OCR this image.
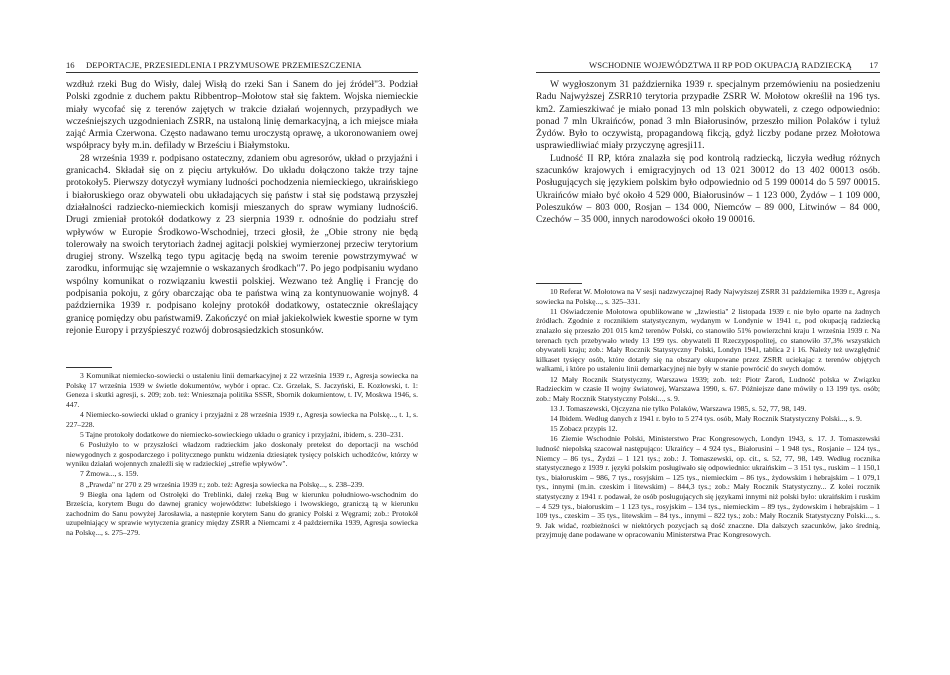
16 DEPORTACJE, PRZESIEDLENIA I PRZYMUSOWE PRZEMIESZCZENIA

wzdłuż rzeki Bug do Wisły, dalej Wisłą do rzeki San i Sanem do jej źródeł"3. Podział Polski zgodnie z duchem paktu Ribbentrop–Mołotow stał się faktem. Wojska niemieckie miały wycofać się z terenów zajętych w trakcie działań wojennych, przypadłych we wcześniejszych uzgodnieniach ZSRR, na ustaloną linię demarkacyjną, a ich miejsce miała zająć Armia Czerwona. Często nadawano temu uroczystą oprawę, a ukoronowaniem owej współpracy były m.in. defilady w Brześciu i Białymstoku.

28 września 1939 r. podpisano ostateczny, zdaniem obu agresorów, układ o przyjaźni i granicach4. Składał się on z pięciu artykułów. Do układu dołączono także trzy tajne protokoły5. Pierwszy dotyczył wymiany ludności pochodzenia niemieckiego, ukraińskiego i białoruskiego oraz obywateli obu układających się państw i stał się podstawą przyszłej działalności radziecko-niemieckich komisji mieszanych do spraw wymiany ludności6. Drugi zmieniał protokół dodatkowy z 23 sierpnia 1939 r. odnośnie do podziału stref wpływów w Europie Środkowo-Wschodniej, trzeci głosił, że „Obie strony nie będą tolerowały na swoich terytoriach żadnej agitacji polskiej wymierzonej przeciw terytorium drugiej strony. Wszelką tego typu agitację będą na swoim terenie powstrzymywać w zarodku, informując się wzajemnie o wskazanych środkach"7. Po jego podpisaniu wydano wspólny komunikat o rozwiązaniu kwestii polskiej. Wezwano też Anglię i Francję do podpisania pokoju, z góry obarczając oba te państwa winą za kontynuowanie wojny8. 4 października 1939 r. podpisano kolejny protokół dodatkowy, ostatecznie określający granicę pomiędzy obu państwami9. Zakończyć on miał jakiekolwiek kwestie sporne w tym rejonie Europy i przyśpieszyć rozwój dobrosąsiedzkich stosunków.

3 Komunikat niemiecko-sowiecki o ustaleniu linii demarkacyjnej z 22 września 1939 r., Agresja sowiecka na Polskę 17 września 1939 w świetle dokumentów, wybór i oprac. Cz. Grzelak, S. Jaczyński, E. Kozłowski, t. 1: Geneza i skutki agresji, s. 209; zob. też: Wniesznaja politika SSSR, Sbornik dokumientow, t. IV, Moskwa 1946, s. 447.

4 Niemiecko-sowiecki układ o granicy i przyjaźni z 28 września 1939 r., Agresja sowiecka na Polskę..., t. 1, s. 227–228.

5 Tajne protokoły dodatkowe do niemiecko-sowieckiego układu o granicy i przyjaźni, ibidem, s. 230–231.

6 Posłużyło to w przyszłości władzom radzieckim jako doskonały pretekst do deportacji na wschód niewygodnych z gospodarczego i politycznego punktu widzenia dziesiątek tysięcy polskich uchodźców, którzy w wyniku działań wojennych znaleźli się w radzieckiej „strefie wpływów".

7 Żmowa..., s. 159.

8 „Prawda" nr 270 z 29 września 1939 r.; zob. też: Agresja sowiecka na Polskę..., s. 238–239.

9 Biegła ona lądem od Ostrołęki do Treblinki, dalej rzeką Bug w kierunku południowo-wschodnim do Brześcia, korytem Bugu do dawnej granicy województw: lubelskiego i lwowskiego, graniczą tą w kierunku zachodnim do Sanu powyżej Jarosławia, a następnie korytem Sanu do granicy Polski z Węgrami; zob.: Protokół uzupełniający w sprawie wytyczenia granicy między ZSRR a Niemcami z 4 października 1939, Agresja sowiecka na Polskę..., s. 275–279.

WSCHODNIE WOJEWÓDZTWA II RP POD OKUPACJĄ RADZIECKĄ 17

W wygłoszonym 31 października 1939 r. specjalnym przemówieniu na posiedzeniu Radu Najwyższej ZSRR10 terytoria przypadłe ZSRR W. Mołotow określił na 196 tys. km2. Zamieszkiwać je miało ponad 13 mln polskich obywateli, z czego odpowiednio: ponad 7 mln Ukraińców, ponad 3 mln Białorusinów, przeszło milion Polaków i tyluż Żydów. Było to oczywistą, propagandową fikcją, gdyż liczby podane przez Mołotowa usprawiedliwiać miały przyczynę agresji11.

Ludność II RP, która znalazła się pod kontrolą radziecką, liczyła według różnych szacunków krajowych i emigracyjnych od 13 021 30012 do 13 402 00013 osób. Posługujących się językiem polskim było odpowiednio od 5 199 00014 do 5 597 00015. Ukraińców miało być około 4 529 000, Białorusinów – 1 123 000, Żydów – 1 109 000, Poleszuków – 803 000, Rosjan – 134 000, Niemców – 89 000, Litwinów – 84 000, Czechów – 35 000, innych narodowości około 19 00016.

10 Referat W. Mołotowa na V sesji nadzwyczajnej Rady Najwyższej ZSRR 31 października 1939 r., Agresja sowiecka na Polskę..., s. 325–331.

11 Oświadczenie Mołotowa opublikowane w „Izwiestia" 2 listopada 1939 r. nie było oparte na żadnych źródłach. Zgodnie z rocznikiem statystycznym, wydanym w Londynie w 1941 r., pod okupacją radziecką znalazło się przeszło 201 015 km2 terenów Polski, co stanowiło 51% powierzchni kraju 1 września 1939 r. Na terenach tych przebywało wtedy 13 199 tys. obywateli II Rzeczypospolitej, co stanowiło 37,3% wszystkich obywateli kraju; zob.: Mały Rocznik Statystyczny Polski, Londyn 1941, tablica 2 i 16. Należy też uwzględnić kilkaset tysięcy osób, które dotarły się na obszary okupowane przez ZSRR uciekając z terenów objętych walkami, i które po ustaleniu linii demarkacyjnej nie były w stanie powrócić do swych domów.

12 Mały Rocznik Statystyczny, Warszawa 1939; zob. też: Piotr Żaroń, Ludność polska w Związku Radzieckim w czasie II wojny światowej, Warszawa 1990, s. 67. Późniejsze dane mówiły o 13 199 tys. osób; zob.: Mały Rocznik Statystyczny Polski..., s. 9.

13 J. Tomaszewski, Ojczyzna nie tylko Polaków, Warszawa 1985, s. 52, 77, 98, 149.

14 Ibidem. Według danych z 1941 r. było to 5 274 tys. osób, Mały Rocznik Statystyczny Polski..., s. 9.

15 Zobacz przypis 12.

16 Ziemie Wschodnie Polski, Ministerstwo Prac Kongresowych, Londyn 1943, s. 17. J. Tomaszewski ludność niepolską szacował następująco: Ukraińcy – 4 924 tys., Białorusini – 1 948 tys., Rosjanie – 124 tys., Niemcy – 86 tys., Żydzi – 1 121 tys.; zob.: J. Tomaszewski, op. cit., s. 52, 77, 98, 149. Według rocznika statystycznego z 1939 r. języki polskim posługiwało się odpowiednio: ukraińskim – 3 151 tys., ruskim – 1 150,1 tys., białoruskim – 986, 7 tys., rosyjskim – 125 tys., niemieckim – 86 tys., żydowskim i hebrajskim – 1 079,1 tys., innymi (m.in. czeskim i litewskim) – 844,3 tys.; zob.: Mały Rocznik Statystyczny... Z kolei rocznik statystyczny z 1941 r. podawał, że osób posługujących się językami innymi niż polski było: ukraińskim i ruskim – 4 529 tys., białoruskim – 1 123 tys., rosyjskim – 134 tys., niemieckim – 89 tys., żydowskim i hebrajskim – 1 109 tys., czeskim – 35 tys., litewskim – 84 tys., innymi – 822 tys.; zob.: Mały Rocznik Statystyczny Polski..., s. 9. Jak widać, rozbieżności w niektórych pozycjach są dość znaczne. Dla dalszych szacunków, jako średnią, przyjmuję dane podawane w opracowaniu Ministerstwa Prac Kongresowych.
